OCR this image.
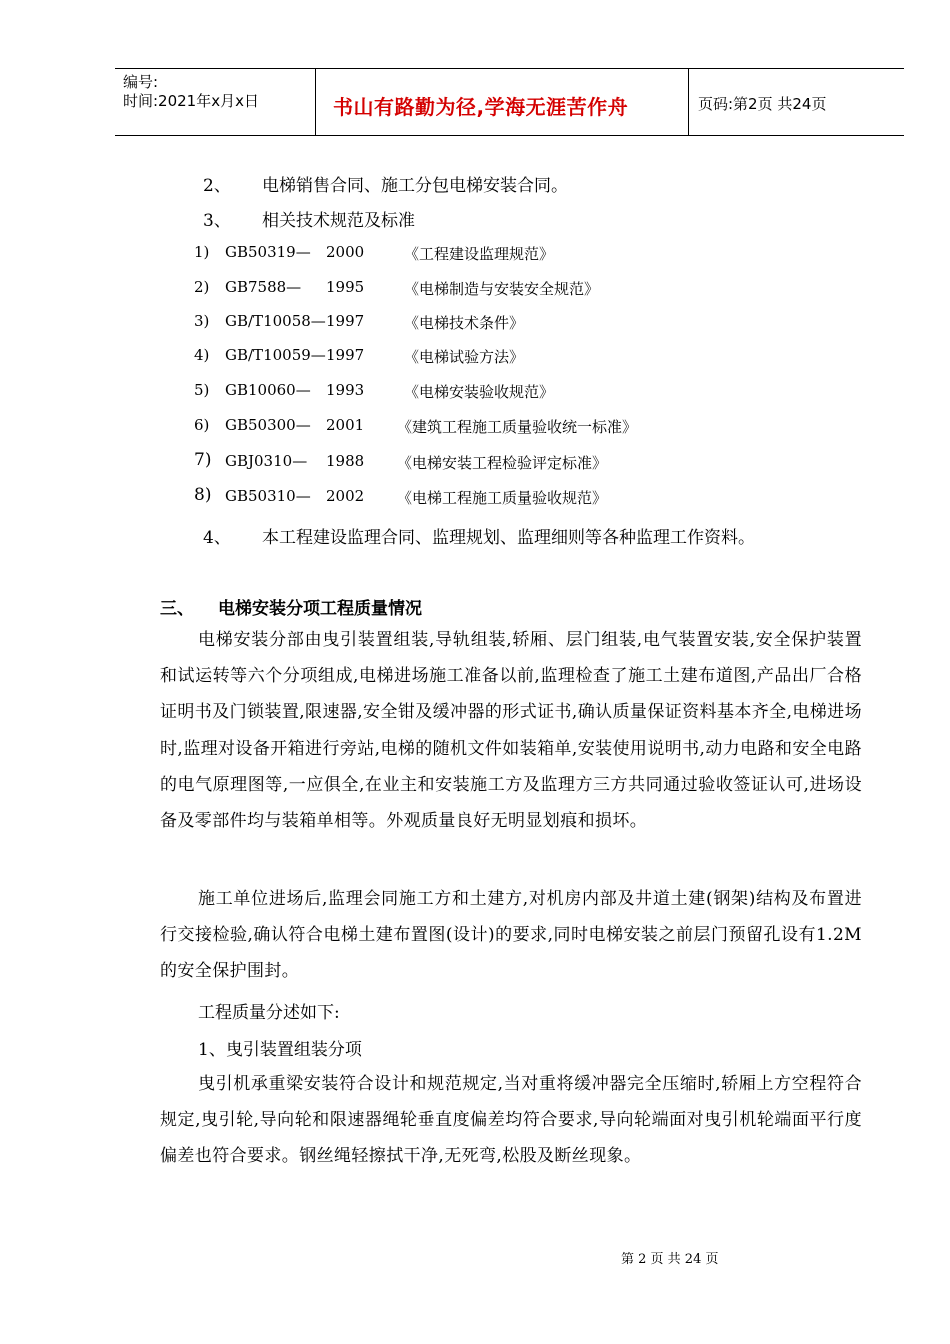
编号:
时间:2021年x月x日	书山有路勤为径,学海无涯苦作舟	页码:第2页 共24页
2、 电梯销售合同、施工分包电梯安装合同。
3、 相关技术规范及标准
1) GB50319— 2000	《工程建设监理规范》
2) GB7588— 1995	《电梯制造与安装安全规范》
3) GB/T10058— 1997	《电梯技术条件》
4) GB/T10059— 1997	《电梯试验方法》
5) GB10060— 1993	《电梯安装验收规范》
6) GB50300— 2001 《建筑工程施工质量验收统一标准》
7) GBJ0310— 1988 《电梯安装工程检验评定标准》
8) GB50310— 2002 《电梯工程施工质量验收规范》
4、 本工程建设监理合同、监理规划、监理细则等各种监理工作资料。
三、 电梯安装分项工程质量情况
电梯安装分部由曳引装置组装,导轨组装,轿厢、层门组装,电气装置安装,安全保护装置和试运转等六个分项组成,电梯进场施工准备以前,监理检查了施工土建布道图,产品出厂合格证明书及门锁装置,限速器,安全钳及缓冲器的形式证书,确认质量保证资料基本齐全,电梯进场时,监理对设备开箱进行旁站,电梯的随机文件如装箱单,安装使用说明书,动力电路和安全电路的电气原理图等,一应俱全,在业主和安装施工方及监理方三方共同通过验收签证认可,进场设备及零部件均与装箱单相等。外观质量良好无明显划痕和损坏。
施工单位进场后,监理会同施工方和土建方,对机房内部及井道土建(钢架)结构及布置进行交接检验,确认符合电梯土建布置图(设计)的要求,同时电梯安装之前层门预留孔设有1.2M的安全保护围封。
工程质量分述如下:
1、曳引装置组装分项
曳引机承重梁安装符合设计和规范规定,当对重将缓冲器完全压缩时,轿厢上方空程符合规定,曳引轮,导向轮和限速器绳轮垂直度偏差均符合要求,导向轮端面对曳引机轮端面平行度偏差也符合要求。钢丝绳轻擦拭干净,无死弯,松股及断丝现象。
第 2 页 共 24 页
